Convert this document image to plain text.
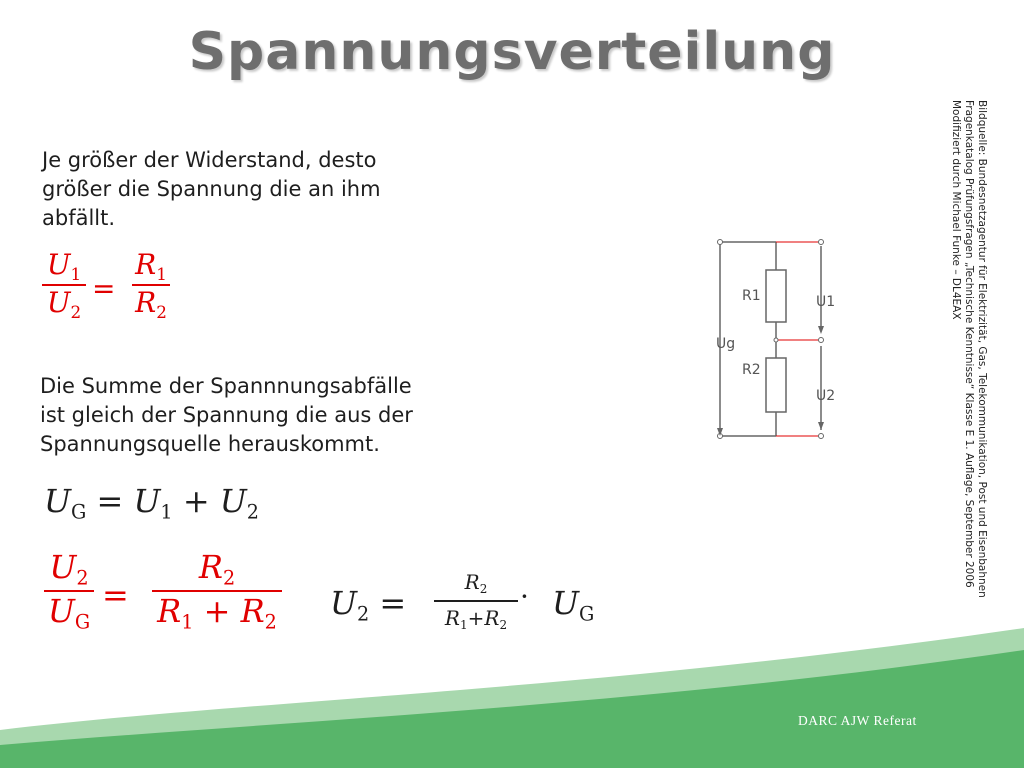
Spannungsverteilung
Je größer der Widerstand, desto
größer die Spannung die an ihm
abfällt.
$U_1$
$U_2$
=
$R_1$
$R_2$
Die Summe der Spannnungsabfälle
ist gleich der Spannung die aus der
Spannungsquelle herauskommt.
$U_G = U_1 + U_2$
$U_2$
$U_G$
=
$R_2$
$R_1 + R_2$ $U_2$ =
$R_2$
$R_1+R_2$
· $U_G$
R1
R2
Ug
U1
U2	Bildquelle: Bundesnetzagentur für Elektrizität, Gas, Telekommunikation, Post und Eisenbahnen
Fragenkatalog Prüfungsfragen „Technische Kenntnisse“ Klasse E 1. Auflage, September 2006
Modifiziert durch Michael Funke – DL4EAX
DARC AJW Referat
